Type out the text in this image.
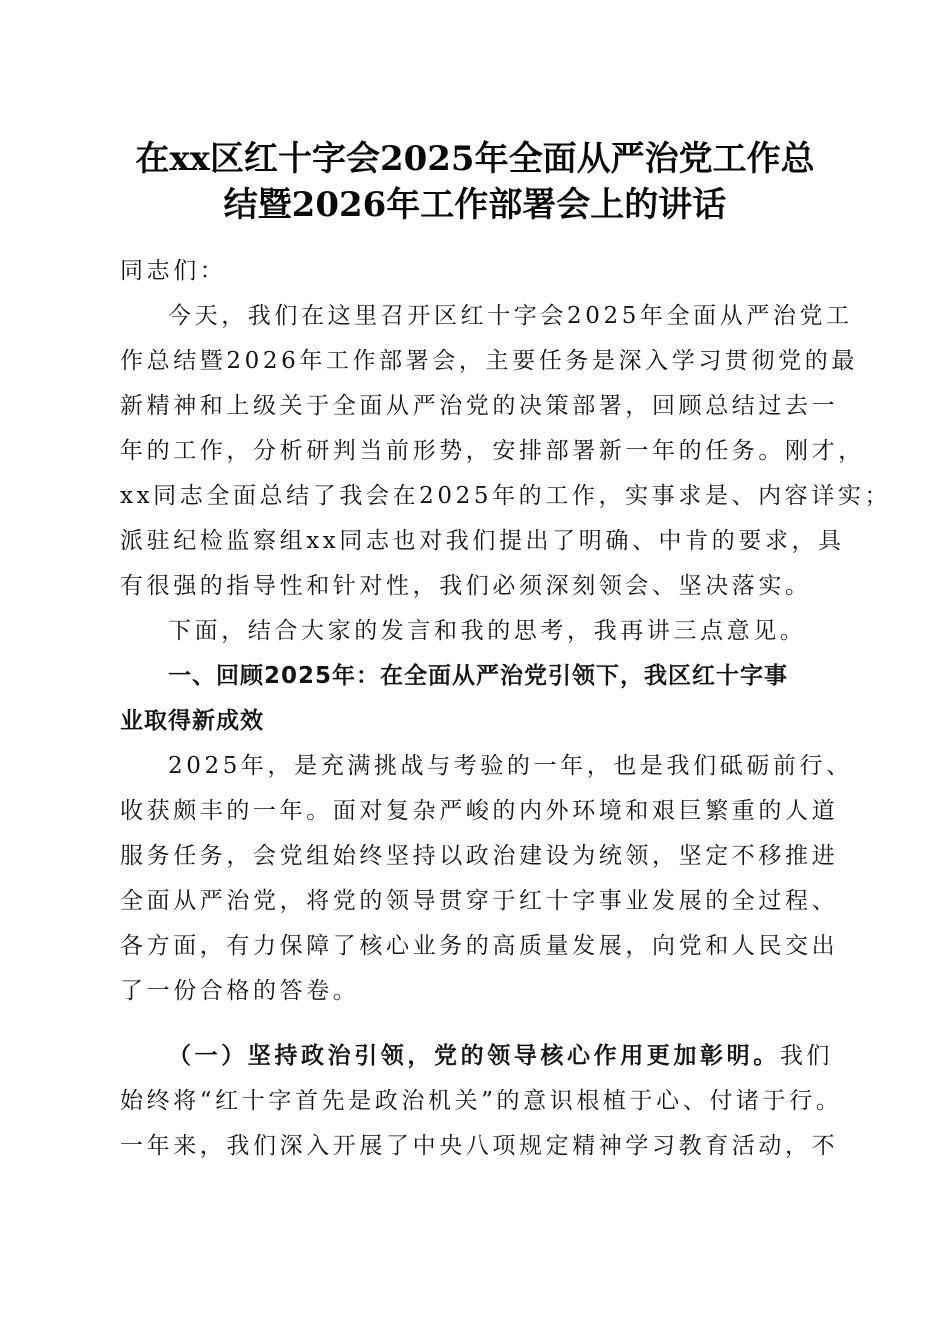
在xx区红十字会2025年全面从严治党工作总
结暨2026年工作部署会上的讲话
同志们：
今天，我们在这里召开区红十字会2025年全面从严治党工
作总结暨2026年工作部署会，主要任务是深入学习贯彻党的最
新精神和上级关于全面从严治党的决策部署，回顾总结过去一
年的工作，分析研判当前形势，安排部署新一年的任务。刚才，
xx同志全面总结了我会在2025年的工作，实事求是、内容详实；
派驻纪检监察组xx同志也对我们提出了明确、中肯的要求，具
有很强的指导性和针对性，我们必须深刻领会、坚决落实。
下面，结合大家的发言和我的思考，我再讲三点意见。
一、回顾2025年：在全面从严治党引领下，我区红十字事
业取得新成效
2025年，是充满挑战与考验的一年，也是我们砥砺前行、
收获颇丰的一年。面对复杂严峻的内外环境和艰巨繁重的人道
服务任务，会党组始终坚持以政治建设为统领，坚定不移推进
全面从严治党，将党的领导贯穿于红十字事业发展的全过程、
各方面，有力保障了核心业务的高质量发展，向党和人民交出
了一份合格的答卷。
（一）坚持政治引领，党的领导核心作用更加彰明。我们
始终将“红十字首先是政治机关”的意识根植于心、付诸于行。
一年来，我们深入开展了中央八项规定精神学习教育活动，不
